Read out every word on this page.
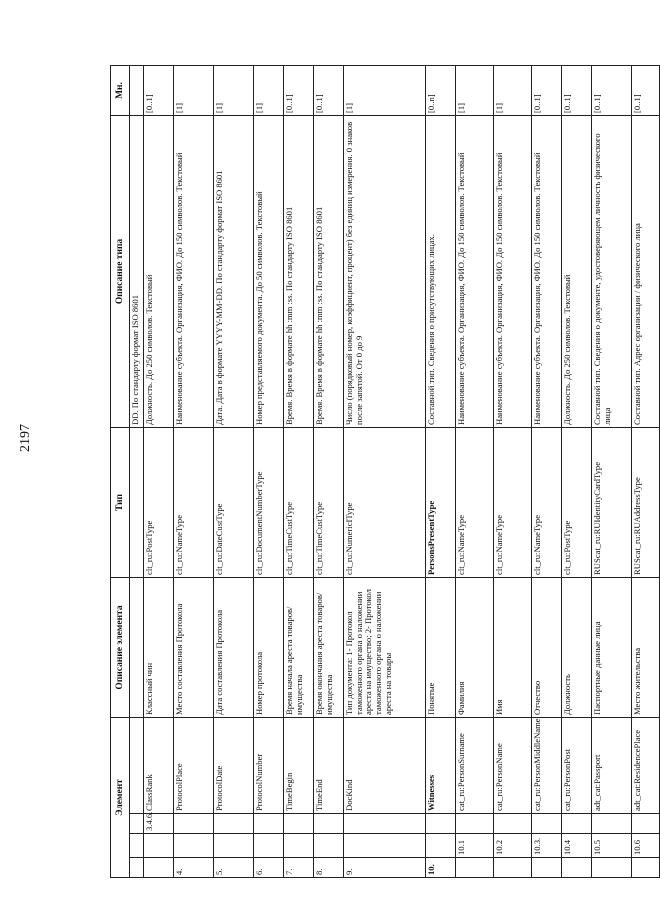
2197
Элемент				Описание элемента	Тип	Описание типа	Мн.
						DD. По стандарту формат ISO 8601	
		3.4.6.	ClassRank	Классный чин	clt_ru:PostType	Должность. До 250 символов. Текстовый	[0..1]
4.			ProtocolPlace	Место составления Протокола	clt_ru:NameType	Наименование субъекта. Организация, ФИО. До 150 символов. Текстовый	[1]
5.			ProtocolDate	Дата составления Протокола	clt_ru:DateCustType	Дата. Дата в формате YYYY-MM-DD. По стандарту формат ISO 8601	[1]
6.			ProtocolNumber	Номер протокола	clt_ru:DocumentNumberType	Номер представляемого документа. До 50 символов. Текстовый	[1]
7.			TimeBegin	Время начала ареста товаров/имущества	clt_ru:TimeCustType	Время. Время в формате hh :mm :ss. По стандарту ISO 8601	[0..1]
8.			TimeEnd	Время окончания ареста товаров/имущества	clt_ru:TimeCustType	Время. Время в формате hh :mm :ss. По стандарту ISO 8601	[0..1]
9.			DocKind	Тип документа: 1- Протокол таможенного органа о наложении ареста на имущество; 2- Протокол таможенного органа о наложении ареста на товары	clt_ru:NumericIType	Число (порядковый номер, коэффициент, процент) без единиц измерения. 0 знаков после запятой. От 0 до 9	[1]
10.			Witnesses	Понятые	PersonsPresentType	Составной тип. Сведения о присутствующих лицах.	[0..n]
	10.1		cat_ru:PersonSurname	Фамилия	clt_ru:NameType	Наименование субъекта. Организация, ФИО. До 150 символов. Текстовый	[1]
	10.2		cat_ru:PersonName	Имя	clt_ru:NameType	Наименование субъекта. Организация, ФИО. До 150 символов. Текстовый	[1]
	10.3.		cat_ru:PersonMiddleName	Отчество	clt_ru:NameType	Наименование субъекта. Организация, ФИО. До 150 символов. Текстовый	[0..1]
	10.4		cat_ru:PersonPost	Должность	clt_ru:PostType	Должность. До 250 символов. Текстовый	[0..1]
	10.5		adt_cat:Passport	Паспортные данные лица	RUScat_ru:RUIdentityCardType	Составной тип. Сведения о документе, удостоверяющем личность физического лица	[0..1]
	10.6		adt_cat:ResidencePlace	Место жительства	RUScat_ru:RUAddressType	Составной тип. Адрес организации / физического лица	[0..1]
